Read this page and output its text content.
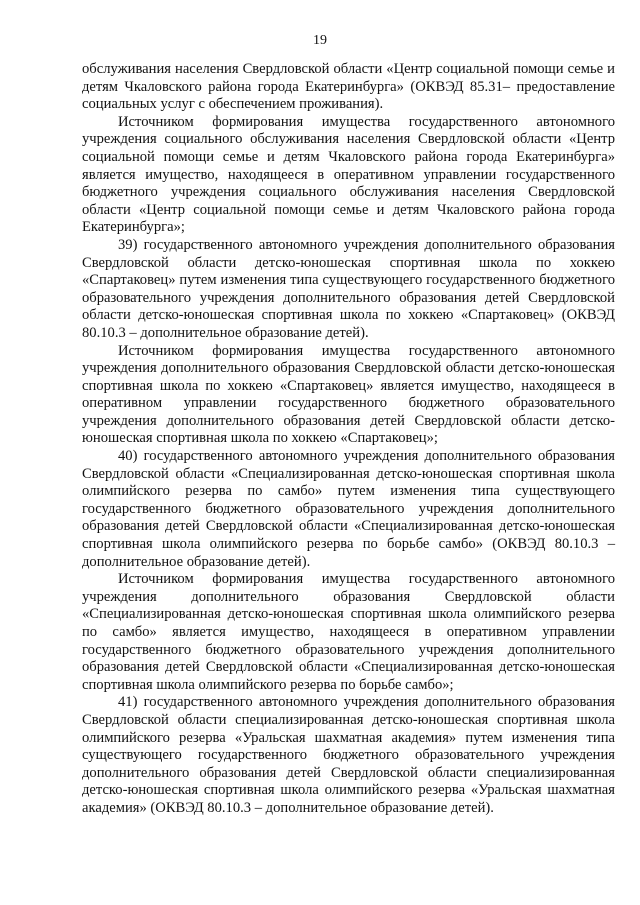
19

обслуживания населения Свердловской области «Центр социальной помощи семье и детям Чкаловского района города Екатеринбурга» (ОКВЭД 85.31– предоставление социальных услуг с обеспечением проживания).

Источником формирования имущества государственного автономного учреждения социального обслуживания населения Свердловской области «Центр социальной помощи семье и детям Чкаловского района города Екатеринбурга» является имущество, находящееся в оперативном управлении государственного бюджетного учреждения социального обслуживания населения Свердловской области «Центр социальной помощи семье и детям Чкаловского района города Екатеринбурга»;

39) государственного автономного учреждения дополнительного образования Свердловской области детско-юношеская спортивная школа по хоккею «Спартаковец» путем изменения типа существующего государственного бюджетного образовательного учреждения дополнительного образования детей Свердловской области детско-юношеская спортивная школа по хоккею «Спартаковец» (ОКВЭД 80.10.3 – дополнительное образование детей).

Источником формирования имущества государственного автономного учреждения дополнительного образования Свердловской области детско-юношеская спортивная школа по хоккею «Спартаковец» является имущество, находящееся в оперативном управлении государственного бюджетного образовательного учреждения дополнительного образования детей Свердловской области детско-юношеская спортивная школа по хоккею «Спартаковец»;

40) государственного автономного учреждения дополнительного образования Свердловской области «Специализированная детско-юношеская спортивная школа олимпийского резерва по самбо» путем изменения типа существующего государственного бюджетного образовательного учреждения дополнительного образования детей Свердловской области «Специализированная детско-юношеская спортивная школа олимпийского резерва по борьбе самбо» (ОКВЭД 80.10.3 – дополнительное образование детей).

Источником формирования имущества государственного автономного учреждения дополнительного образования Свердловской области «Специализированная детско-юношеская спортивная школа олимпийского резерва по самбо» является имущество, находящееся в оперативном управлении государственного бюджетного образовательного учреждения дополнительного образования детей Свердловской области «Специализированная детско-юношеская спортивная школа олимпийского резерва по борьбе самбо»;

41) государственного автономного учреждения дополнительного образования Свердловской области специализированная детско-юношеская спортивная школа олимпийского резерва «Уральская шахматная академия» путем изменения типа существующего государственного бюджетного образовательного учреждения дополнительного образования детей Свердловской области специализированная детско-юношеская спортивная школа олимпийского резерва «Уральская шахматная академия» (ОКВЭД 80.10.3 – дополнительное образование детей).
